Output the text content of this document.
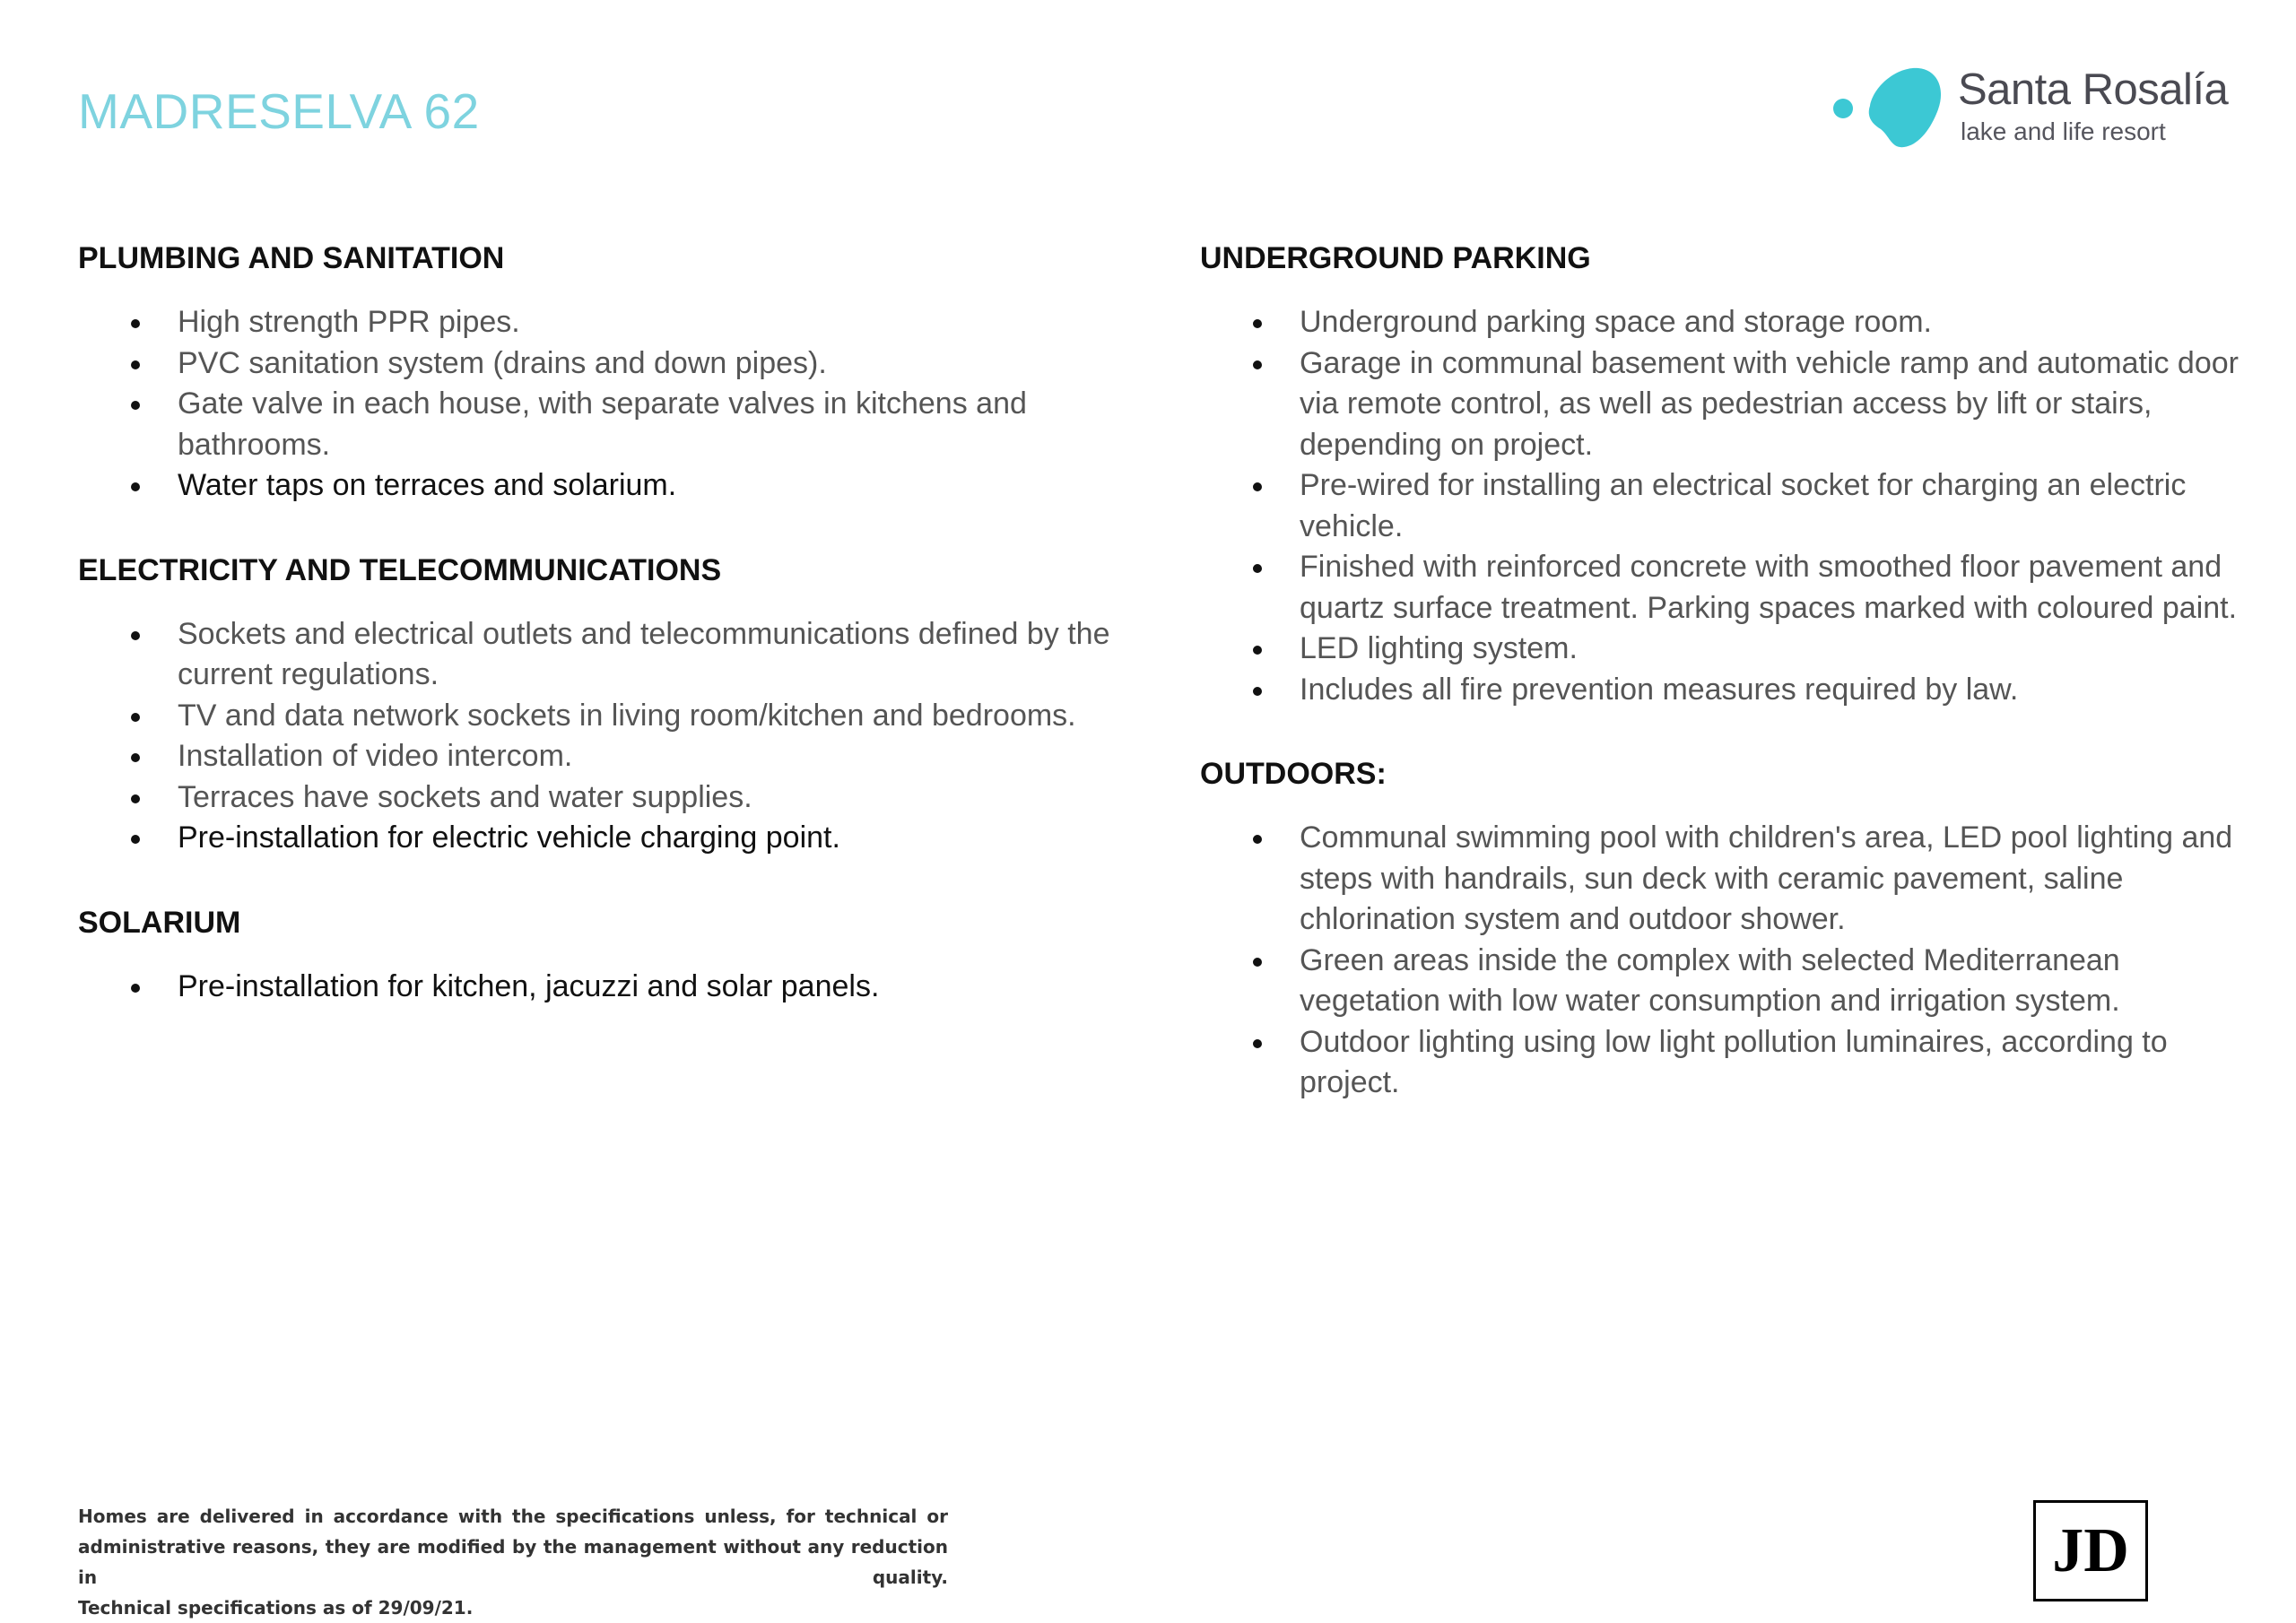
MADRESELVA 62	Santa Rosalía
lake and life resort
PLUMBING AND SANITATION
High strength PPR pipes.
PVC sanitation system (drains and down pipes).
Gate valve in each house, with separate valves in kitchens and bathrooms.
Water taps on terraces and solarium.
ELECTRICITY AND TELECOMMUNICATIONS
Sockets and electrical outlets and telecommunications defined by the current regulations.
TV and data network sockets in living room/kitchen and bedrooms.
Installation of video intercom.
Terraces have sockets and water supplies.
Pre-installation for electric vehicle charging point.
SOLARIUM
Pre-installation for kitchen, jacuzzi and solar panels.
UNDERGROUND PARKING
Underground parking space and storage room.
Garage in communal basement with vehicle ramp and automatic door via remote control, as well as pedestrian access by lift or stairs, depending on project.
Pre-wired for installing an electrical socket for charging an electric vehicle.
Finished with reinforced concrete with smoothed floor pavement and quartz surface treatment. Parking spaces marked with coloured paint.
LED lighting system.
Includes all fire prevention measures required by law.
OUTDOORS:
Communal swimming pool with children's area, LED pool lighting and steps with handrails, sun deck with ceramic pavement, saline chlorination system and outdoor shower.
Green areas inside the complex with selected Mediterranean vegetation with low water consumption and irrigation system.
Outdoor lighting using low light pollution luminaires, according to project.
Homes are delivered in accordance with the specifications unless, for technical or
administrative reasons, they are modified by the management without any reduction in quality.
Technical specifications as of 29/09/21.
JD
